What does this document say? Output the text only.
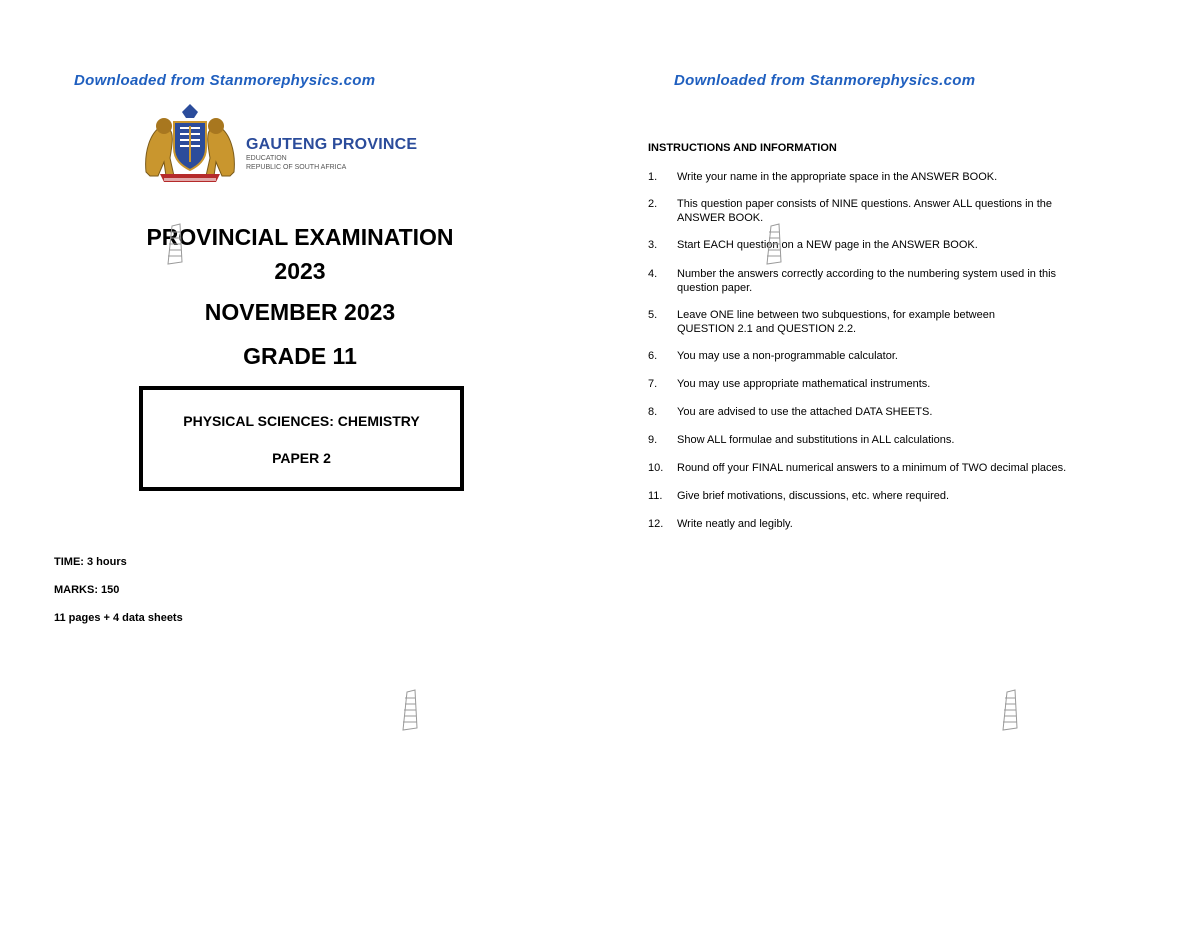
Downloaded from Stanmorephysics.com
GAUTENG PROVINCE
EDUCATION
REPUBLIC OF SOUTH AFRICA
PROVINCIAL EXAMINATION
2023
NOVEMBER 2023
GRADE 11
PHYSICAL SCIENCES: CHEMISTRY
PAPER 2
TIME: 3 hours
MARKS: 150
11 pages + 4 data sheets
Downloaded from Stanmorephysics.com
INSTRUCTIONS AND INFORMATION
1.	Write your name in the appropriate space in the ANSWER BOOK.
2.	This question paper consists of NINE questions. Answer ALL questions in the ANSWER BOOK.
3.	Start EACH question on a NEW page in the ANSWER BOOK.
4.	Number the answers correctly according to the numbering system used in this question paper.
5.	Leave ONE line between two subquestions, for example between QUESTION 2.1 and QUESTION 2.2.
6.	You may use a non-programmable calculator.
7.	You may use appropriate mathematical instruments.
8.	You are advised to use the attached DATA SHEETS.
9.	Show ALL formulae and substitutions in ALL calculations.
10.	Round off your FINAL numerical answers to a minimum of TWO decimal places.
11.	Give brief motivations, discussions, etc. where required.
12.	Write neatly and legibly.
